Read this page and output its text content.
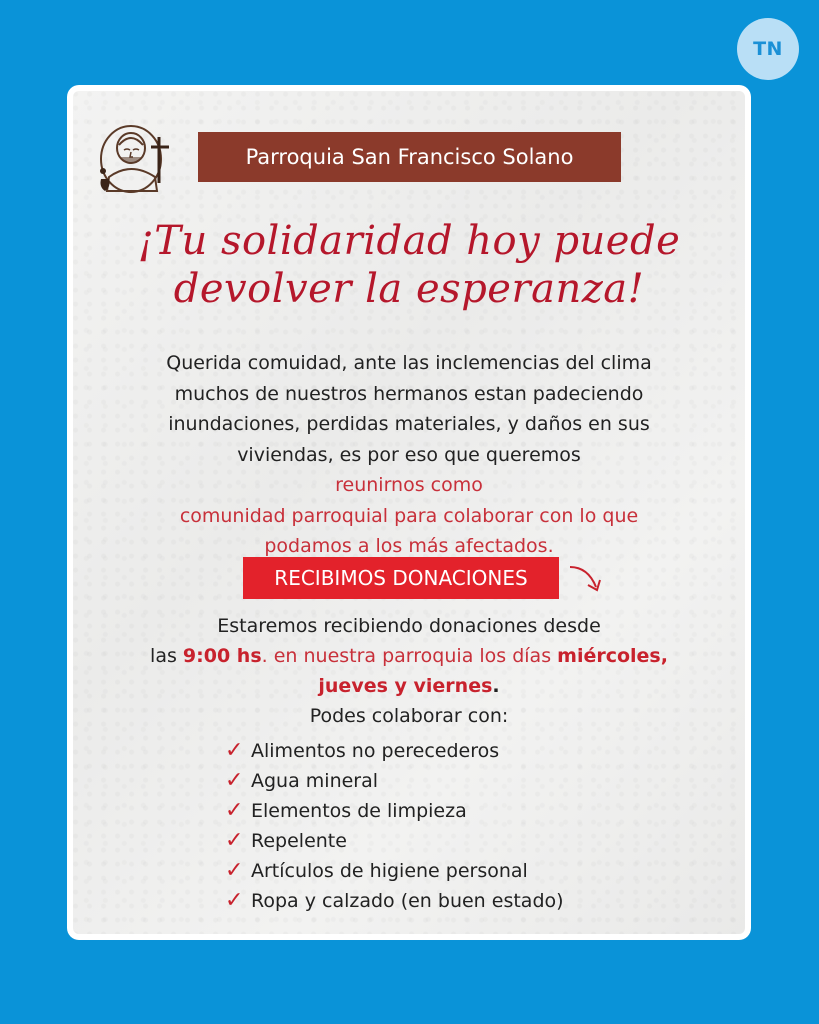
TN
Parroquia San Francisco Solano
¡Tu solidaridad hoy puede
devolver la esperanza!
Querida comuidad, ante las inclemencias del clima
muchos de nuestros hermanos estan padeciendo
inundaciones, perdidas materiales, y daños en sus
viviendas, es por eso que queremos
reunirnos como
comunidad parroquial para colaborar con lo que
podamos a los más afectados.
RECIBIMOS DONACIONES
Estaremos recibiendo donaciones desde
las 9:00 hs. en nuestra parroquia los días miércoles,
jueves y viernes.
Podes colaborar con:
✓ Alimentos no perecederos
✓ Agua mineral
✓ Elementos de limpieza
✓ Repelente
✓ Artículos de higiene personal
✓ Ropa y calzado (en buen estado)
